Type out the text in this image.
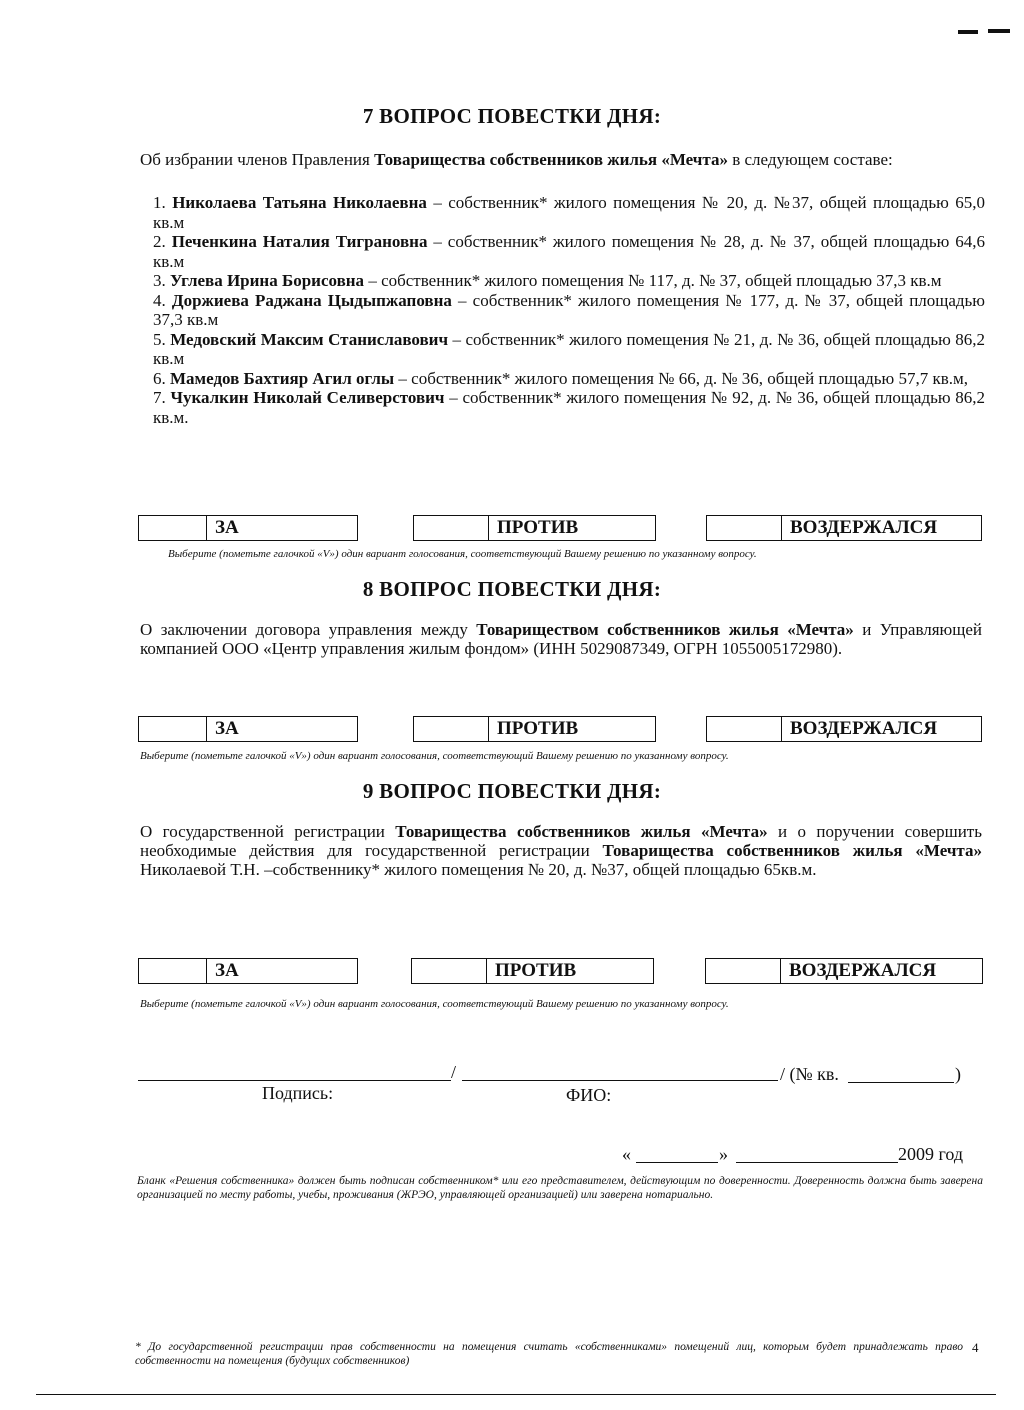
7 ВОПРОС ПОВЕСТКИ ДНЯ:
Об избрании членов Правления Товарищества собственников жилья «Мечта» в следующем составе:

1. Николаева Татьяна Николаевна – собственник* жилого помещения № 20, д. №37, общей площадью 65,0 кв.м

2. Печенкина Наталия Тиграновна – собственник* жилого помещения № 28, д. № 37, общей площадью 64,6 кв.м

3. Углева Ирина Борисовна – собственник* жилого помещения № 117, д. № 37, общей площадью 37,3 кв.м

4. Доржиева Раджана Цыдыпжаповна – собственник* жилого помещения № 177, д. № 37, общей площадью 37,3 кв.м

5. Медовский Максим Станиславович – собственник* жилого помещения № 21, д. № 36, общей площадью 86,2 кв.м

6. Мамедов Бахтияр Агил оглы – собственник* жилого помещения № 66, д. № 36, общей площадью 57,7 кв.м,

7. Чукалкин Николай Селиверстович – собственник* жилого помещения № 92, д. № 36, общей площадью 86,2 кв.м.

ЗА	ПРОТИВ	ВОЗДЕРЖАЛСЯ
Выберите (пометьте галочкой «V») один вариант голосования, соответствующий Вашему решению по указанному вопросу.
8 ВОПРОС ПОВЕСТКИ ДНЯ:
О заключении договора управления между Товариществом собственников жилья «Мечта» и Управляющей компанией ООО «Центр управления жилым фондом» (ИНН 5029087349, ОГРН 1055005172980).
ЗА	ПРОТИВ	ВОЗДЕРЖАЛСЯ
Выберите (пометьте галочкой «V») один вариант голосования, соответствующий Вашему решению по указанному вопросу.
9 ВОПРОС ПОВЕСТКИ ДНЯ:
О государственной регистрации Товарищества собственников жилья «Мечта» и о поручении совершить необходимые действия для государственной регистрации Товарищества собственников жилья «Мечта» Николаевой Т.Н. –собственнику* жилого помещения № 20, д. №37, общей площадью 65кв.м.
ЗА	ПРОТИВ	ВОЗДЕРЖАЛСЯ
Выберите (пометьте галочкой «V») один вариант голосования, соответствующий Вашему решению по указанному вопросу.
/	/ (№ кв.	)
Подпись:	ФИО:
«	»	2009 год
Бланк «Решения собственника» должен быть подписан собственником* или его представителем, действующим по доверенности. Доверенность должна быть заверена организацией по месту работы, учебы, проживания (ЖРЭО, управляющей организацией) или заверена нотариально.
* До государственной регистрации прав собственности на помещения считать «собственниками» помещений лиц, которым будет принадлежать право собственности на помещения (будущих собственников)
4
